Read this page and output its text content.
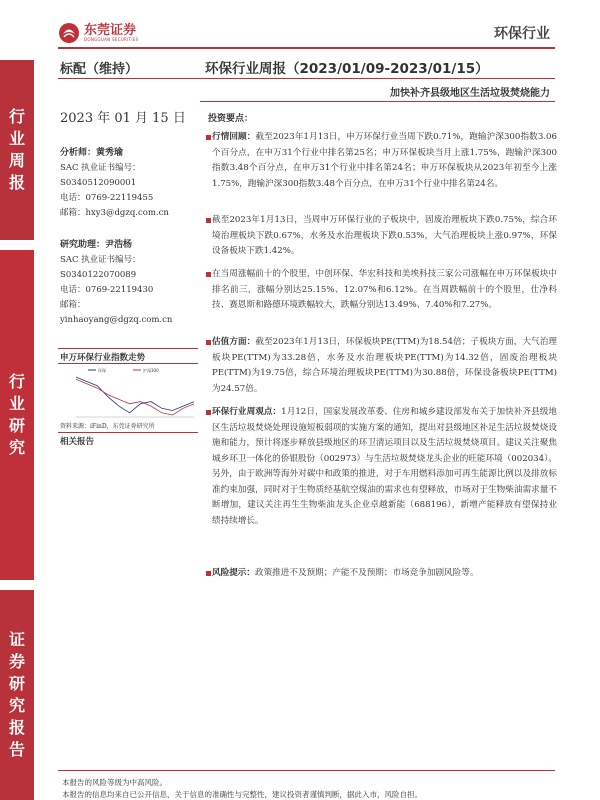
行
业
周
报
行
业
研
究
证
券
研
究
报
告
东莞证券
DONGGUAN SECURITIES	环保行业
标配（维持）	环保行业周报（2023/01/09-2023/01/15）
加快补齐县级地区生活垃圾焚烧能力
2023 年 01 月 15 日
分析师：黄秀瑜
SAC 执业证书编号：
S0340512090001
电话：0769-22119455
邮箱：hxy3@dgzq.com.cn
研究助理：尹浩杨
SAC 执业证书编号：
S0340122070089
电话：0769-22119430
邮箱：
yinhaoyang@dgzq.com.cn
申万环保行业指数走势
环保	沪深300
资料来源：iFinD，东莞证券研究所
相关报告
投资要点：
行情回顾：截至2023年1月13日，申万环保行业当周下跌0.71%，跑输沪深300指数3.06个百分点，在申万31个行业中排名第25名；申万环保板块当月上涨1.75%，跑输沪深300指数3.48个百分点，在申万31个行业中排名第24名；申万环保板块从2023年初至今上涨1.75%，跑输沪深300指数3.48个百分点，在申万31个行业中排名第24名。
截至2023年1月13日，当周申万环保行业的子板块中，固废治理板块下跌0.75%，综合环境治理板块下跌0.67%，水务及水治理板块下跌0.53%，大气治理板块上涨0.97%，环保设备板块下跌1.42%。
在当周涨幅前十的个股里，中创环保、华宏科技和美埃科技三家公司涨幅在申万环保板块中排名前三，涨幅分别达25.15%、12.07%和6.12%。在当周跌幅前十的个股里，仕净科技、赛恩斯和路德环境跌幅较大，跌幅分别达13.49%、7.40%和7.27%。
估值方面：截至2023年1月13日，环保板块PE(TTM)为18.54倍；子板块方面，大气治理板块PE(TTM)为33.28倍，水务及水治理板块PE(TTM)为14.32倍，固废治理板块PE(TTM)为19.75倍，综合环境治理板块PE(TTM)为30.88倍，环保设备板块PE(TTM)为24.57倍。
环保行业周观点：1月12日，国家发展改革委、住房和城乡建设部发布关于加快补齐县级地区生活垃圾焚烧处理设施短板弱项的实施方案的通知，提出对县级地区补足生活垃圾焚烧设施和能力，预计将逐步释放县级地区的环卫清运项目以及生活垃圾焚烧项目。建议关注聚焦城乡环卫一体化的侨银股份（002973）与生活垃圾焚烧龙头企业的旺能环境（002034）。另外，由于欧洲等海外对碳中和政策的推进，对于车用燃料添加可再生能源比例以及排放标准约束加强，同时对于生物质经基航空煤油的需求也有望释放，市场对于生物柴油需求量不断增加，建议关注再生生物柴油龙头企业卓越新能（688196），新增产能释放有望保持业绩持续增长。
风险提示：政策推进不及预期；产能不及预期；市场竞争加剧风险等。
本报告的风险等级为中高风险。
本报告的信息均来自已公开信息，关于信息的准确性与完整性，建议投资者谨慎判断，据此入市，风险自担。
